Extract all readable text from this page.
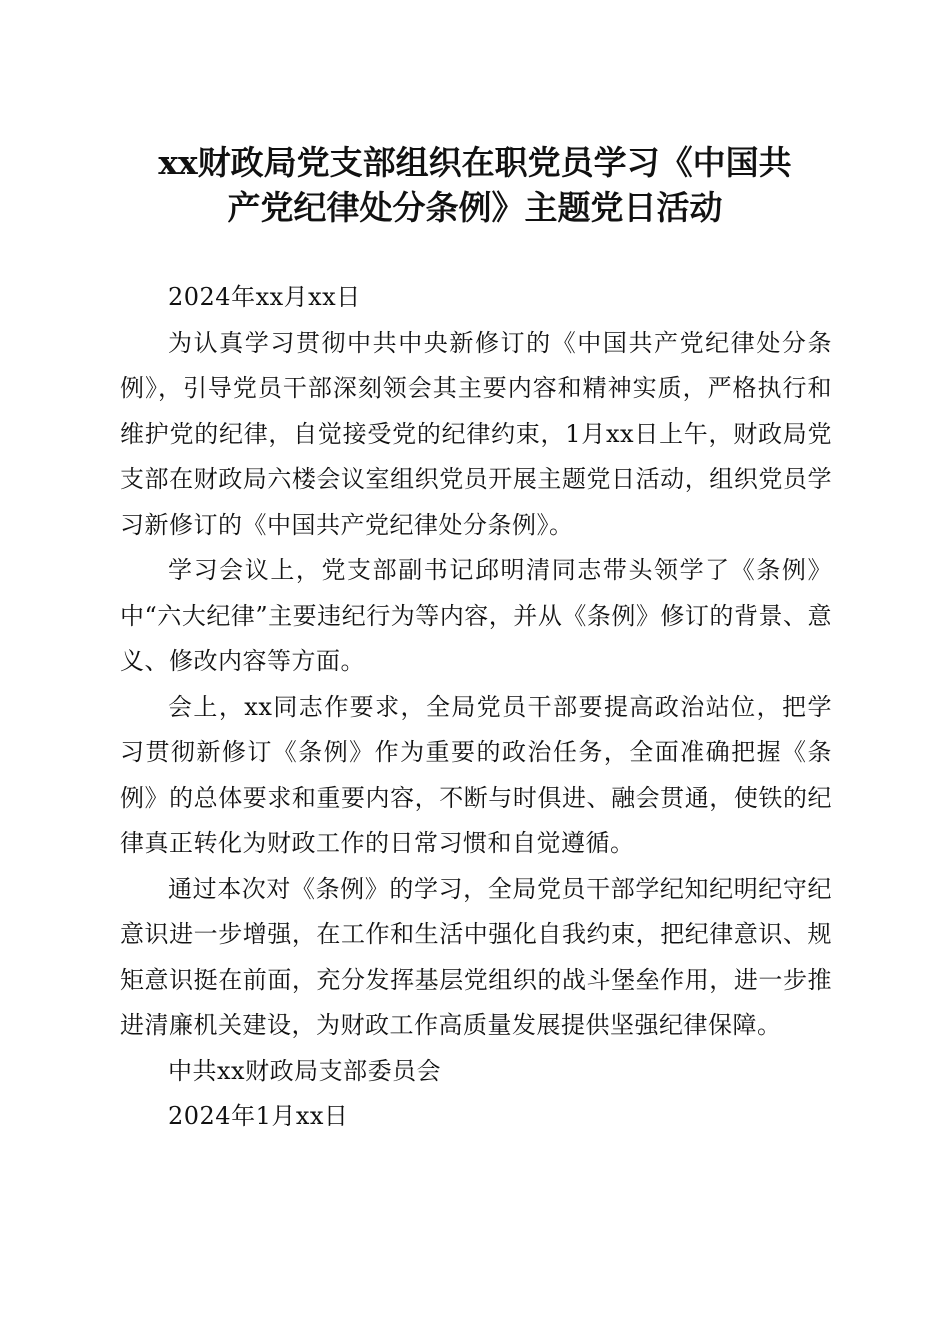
xx财政局党支部组织在职党员学习《中国共
产党纪律处分条例》主题党日活动

2024年xx月xx日

为认真学习贯彻中共中央新修订的《中国共产党纪律处分条例》，引导党员干部深刻领会其主要内容和精神实质，严格执行和维护党的纪律，自觉接受党的纪律约束，1月xx日上午，财政局党支部在财政局六楼会议室组织党员开展主题党日活动，组织党员学习新修订的《中国共产党纪律处分条例》。

学习会议上，党支部副书记邱明清同志带头领学了《条例》中“六大纪律”主要违纪行为等内容，并从《条例》修订的背景、意义、修改内容等方面。

会上，xx同志作要求，全局党员干部要提高政治站位，把学习贯彻新修订《条例》作为重要的政治任务，全面准确把握《条例》的总体要求和重要内容，不断与时俱进、融会贯通，使铁的纪律真正转化为财政工作的日常习惯和自觉遵循。

通过本次对《条例》的学习，全局党员干部学纪知纪明纪守纪意识进一步增强，在工作和生活中强化自我约束，把纪律意识、规矩意识挺在前面，充分发挥基层党组织的战斗堡垒作用，进一步推进清廉机关建设，为财政工作高质量发展提供坚强纪律保障。

中共xx财政局支部委员会

2024年1月xx日
